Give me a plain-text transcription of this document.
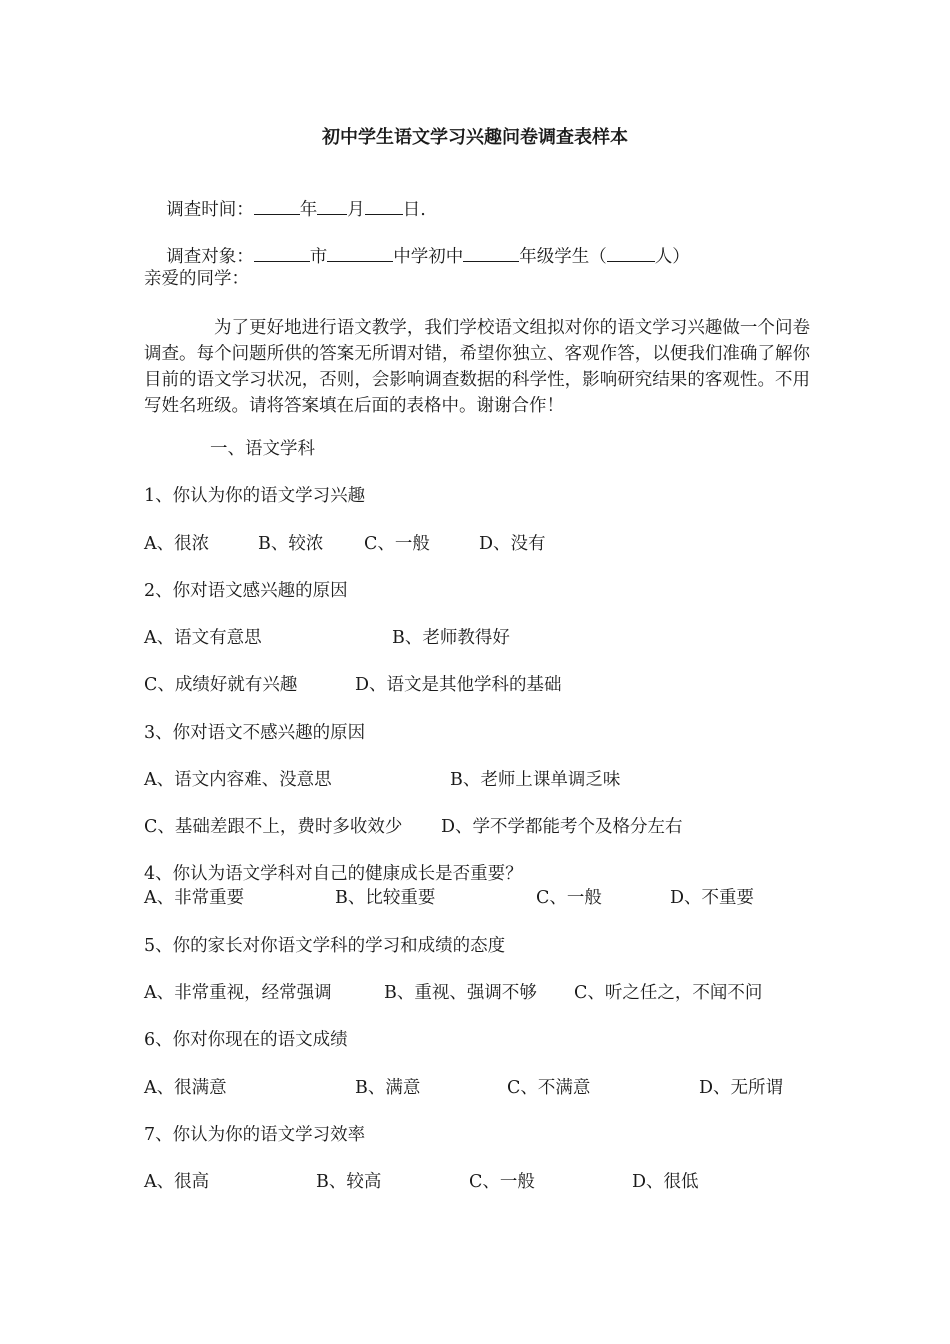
初中学生语文学习兴趣问卷调查表样本

调查时间：	年 月 日.

调查对象：	市	中学初中	年级学生（	人）

亲爱的同学：

为了更好地进行语文教学，我们学校语文组拟对你的语文学习兴趣做一个问卷调查。每个问题所供的答案无所谓对错，希望你独立、客观作答，以便我们准确了解你目前的语文学习状况，否则，会影响调查数据的科学性，影响研究结果的客观性。不用写姓名班级。请将答案填在后面的表格中。谢谢合作！

一、语文学科
1、你认为你的语文学习兴趣
A、很浓	B、较浓 C、一般	D、没有
2、你对语文感兴趣的原因
A、语文有意思	B、老师教得好
C、成绩好就有兴趣	D、语文是其他学科的基础
3、你对语文不感兴趣的原因
A、语文内容难、没意思	B、老师上课单调乏味
C、基础差跟不上，费时多收效少 D、学不学都能考个及格分左右
4、你认为语文学科对自己的健康成长是否重要？
A、非常重要	B、比较重要	C、一般	D、不重要
5、你的家长对你语文学科的学习和成绩的态度
A、非常重视，经常强调	B、重视、强调不够 C、听之任之，不闻不问
6、你对你现在的语文成绩
A、很满意	B、满意	C、不满意	D、无所谓
7、你认为你的语文学习效率
A、很高	B、较高	C、一般	D、很低
